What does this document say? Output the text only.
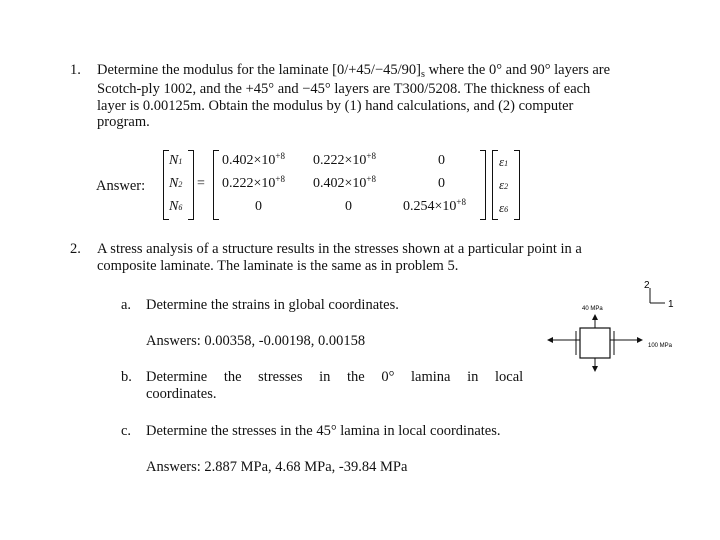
1. Determine the modulus for the laminate [0/+45/−45/90]s where the 0° and 90° layers are
Scotch-ply 1002, and the +45° and −45° layers are T300/5208. The thickness of each
layer is 0.00125m. Obtain the modulus by (1) hand calculations, and (2) computer
program.
Answer:
N1
N2
N6
=
$0.402\times 10^{+8}$ $0.222\times 10^{+8}$	0
$0.222\times 10^{+8}$ $0.402\times 10^{+8}$	0
0	0	$0.254\times 10^{+8}$
ε1
ε2
ε6
2. A stress analysis of a structure results in the stresses shown at a particular point in a
composite laminate. The laminate is the same as in problem 5.
a. Determine the strains in global coordinates.
Answers: 0.00358, -0.00198, 0.00158
b. Determine the stresses in the 0° lamina in local
coordinates.
c. Determine the stresses in the 45° lamina in local coordinates.
Answers: 2.887 MPa, 4.68 MPa, -39.84 MPa
2
1
40 MPa
100 MPa
